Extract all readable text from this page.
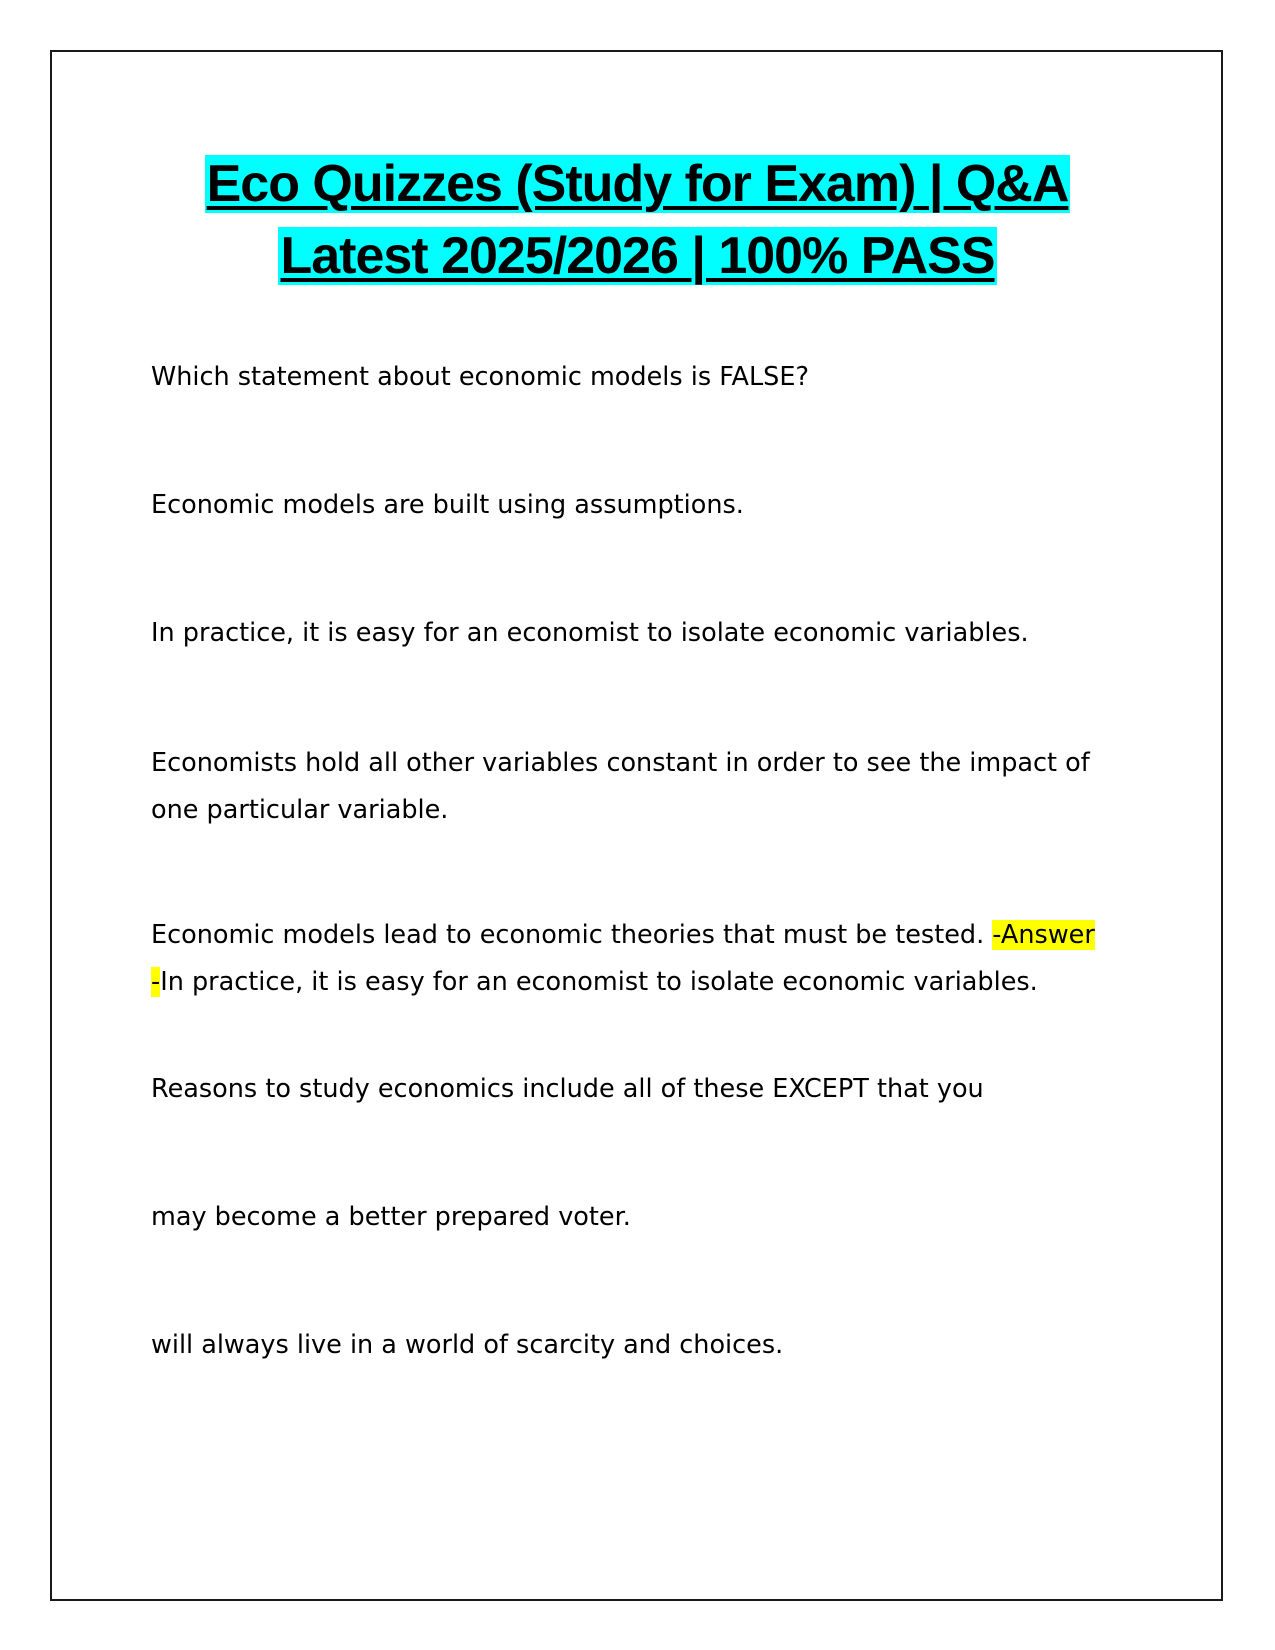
Eco Quizzes (Study for Exam) | Q&A
Latest 2025/2026 | 100% PASS

Which statement about economic models is FALSE?

Economic models are built using assumptions.

In practice, it is easy for an economist to isolate economic variables.

Economists hold all other variables constant in order to see the impact of one particular variable.

Economic models lead to economic theories that must be tested. -Answer -In practice, it is easy for an economist to isolate economic variables.

Reasons to study economics include all of these EXCEPT that you

may become a better prepared voter.

will always live in a world of scarcity and choices.
